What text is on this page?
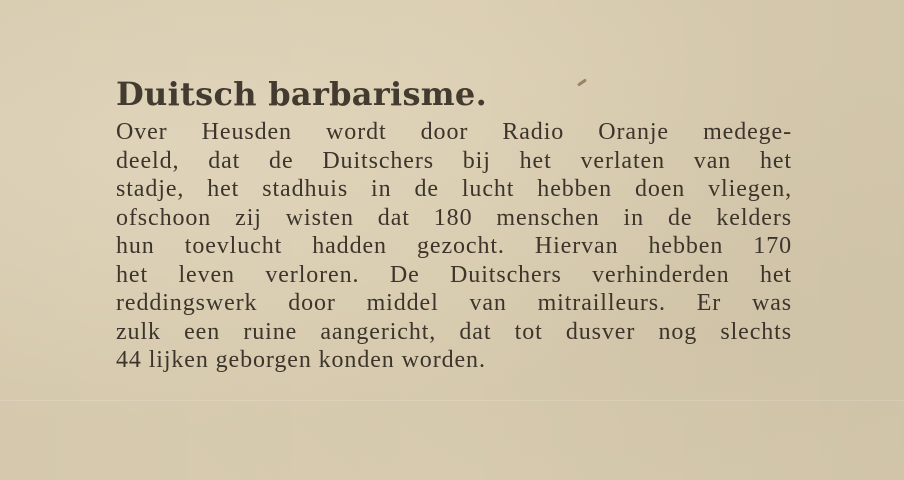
Duitsch barbarisme.
Over Heusden wordt door Radio Oranje medege-
deeld, dat de Duitschers bij het verlaten van het
stadje, het stadhuis in de lucht hebben doen vliegen,
ofschoon zij wisten dat 180 menschen in de kelders
hun toevlucht hadden gezocht. Hiervan hebben 170
het leven verloren. De Duitschers verhinderden het
reddingswerk door middel van mitrailleurs. Er was
zulk een ruine aangericht, dat tot dusver nog slechts
44 lijken geborgen konden worden.
